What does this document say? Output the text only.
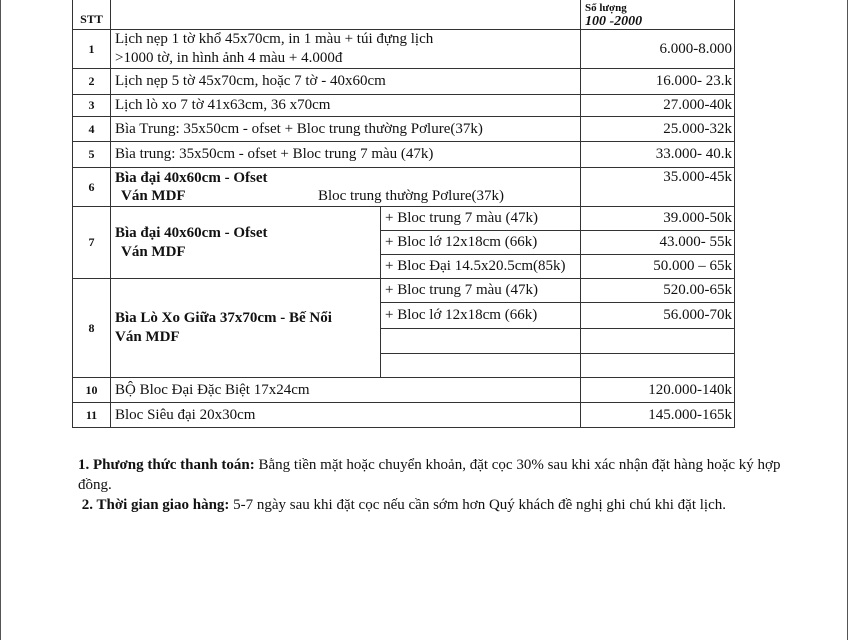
STT			Số lượng
100 -2000
1	Lịch nẹp 1 tờ khổ 45x70cm, in 1 màu + túi đựng lịch
>1000 tờ, in hình ảnh 4 màu + 4.000đ		6.000-8.000
2	Lịch nẹp 5 tờ 45x70cm, hoặc 7 tờ - 40x60cm		16.000- 23.k
3	Lịch lò xo 7 tờ 41x63cm, 36 x70cm		27.000-40k
4	Bìa Trung: 35x50cm - ofset + Bloc trung thường Pơlure(37k)		25.000-32k
5	Bìa trung: 35x50cm - ofset + Bloc trung 7 màu (47k)		33.000- 40.k
6	Bìa đại 40x60cm - Ofset
Ván MDF Bloc trung thường Pơlure(37k)		35.000-45k
7	Bìa đại 40x60cm - Ofset
Ván MDF	+ Bloc trung 7 màu (47k)	39.000-50k
		+ Bloc lớ 12x18cm (66k)	43.000- 55k
		+ Bloc Đại 14.5x20.5cm(85k)	50.000 – 65k
8	Bìa Lò Xo Giữa 37x70cm - Bế Nổi
Ván MDF	+ Bloc trung 7 màu (47k)	520.00-65k
		+ Bloc lớ 12x18cm (66k)	56.000-70k

10	BỘ Bloc Đại Đặc Biệt 17x24cm		120.000-140k
11	Bloc Siêu đại 20x30cm		145.000-165k

1. Phương thức thanh toán: Bằng tiền mặt hoặc chuyển khoản, đặt cọc 30% sau khi xác nhận đặt hàng hoặc ký hợp đồng.

2. Thời gian giao hàng: 5-7 ngày sau khi đặt cọc nếu cần sớm hơn Quý khách đề nghị ghi chú khi đặt lịch.
